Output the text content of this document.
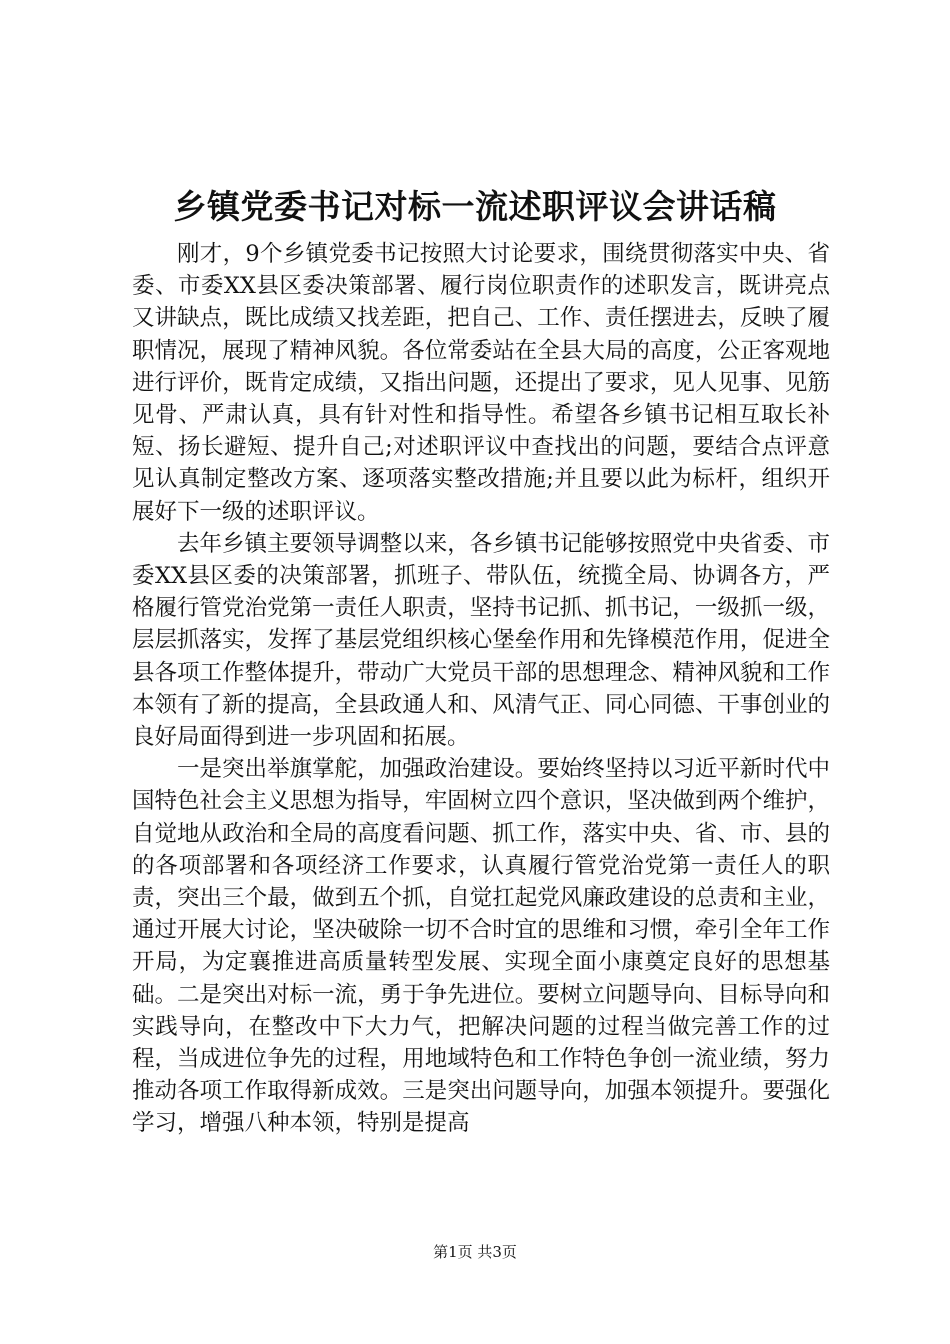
乡镇党委书记对标一流述职评议会讲话稿

刚才，9个乡镇党委书记按照大讨论要求，围绕贯彻落实中央、省委、市委XX县区委决策部署、履行岗位职责作的述职发言，既讲亮点又讲缺点，既比成绩又找差距，把自己、工作、责任摆进去，反映了履职情况，展现了精神风貌。各位常委站在全县大局的高度，公正客观地进行评价，既肯定成绩，又指出问题，还提出了要求，见人见事、见筋见骨、严肃认真，具有针对性和指导性。希望各乡镇书记相互取长补短、扬长避短、提升自己;对述职评议中查找出的问题，要结合点评意见认真制定整改方案、逐项落实整改措施;并且要以此为标杆，组织开展好下一级的述职评议。

去年乡镇主要领导调整以来，各乡镇书记能够按照党中央省委、市委XX县区委的决策部署，抓班子、带队伍，统揽全局、协调各方，严格履行管党治党第一责任人职责，坚持书记抓、抓书记，一级抓一级，层层抓落实，发挥了基层党组织核心堡垒作用和先锋模范作用，促进全县各项工作整体提升，带动广大党员干部的思想理念、精神风貌和工作本领有了新的提高，全县政通人和、风清气正、同心同德、干事创业的良好局面得到进一步巩固和拓展。

一是突出举旗掌舵，加强政治建设。要始终坚持以习近平新时代中国特色社会主义思想为指导，牢固树立四个意识，坚决做到两个维护，自觉地从政治和全局的高度看问题、抓工作，落实中央、省、市、县的的各项部署和各项经济工作要求，认真履行管党治党第一责任人的职责，突出三个最，做到五个抓，自觉扛起党风廉政建设的总责和主业，通过开展大讨论，坚决破除一切不合时宜的思维和习惯，牵引全年工作开局，为定襄推进高质量转型发展、实现全面小康奠定良好的思想基础。二是突出对标一流，勇于争先进位。要树立问题导向、目标导向和实践导向，在整改中下大力气，把解决问题的过程当做完善工作的过程，当成进位争先的过程，用地域特色和工作特色争创一流业绩，努力推动各项工作取得新成效。三是突出问题导向，加强本领提升。要强化学习，增强八种本领，特别是提高

第1页 共3页
